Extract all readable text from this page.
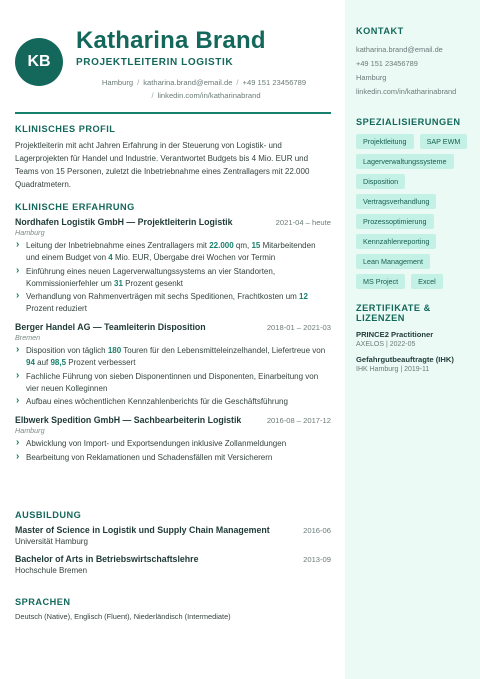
KB
Katharina Brand
PROJEKTLEITERIN LOGISTIK
Hamburg / katharina.brand@email.de / +49 151 23456789
/ linkedin.com/in/katharinabrand
KLINISCHES PROFIL

Projektleiterin mit acht Jahren Erfahrung in der Steuerung von Logistik- und Lagerprojekten für Handel und Industrie. Verantwortet Budgets bis 4 Mio. EUR und Teams von 15 Personen, zuletzt die Inbetriebnahme eines Zentrallagers mit 22.000 Quadratmetern.

KLINISCHE ERFAHRUNG
Nordhafen Logistik GmbH — Projektleiterin Logistik	2021-04 – heute
Hamburg
› Leitung der Inbetriebnahme eines Zentrallagers mit 22.000 qm, 15 Mitarbeitenden und einem Budget von 4 Mio. EUR, Übergabe drei Wochen vor Termin
› Einführung eines neuen Lagerverwaltungssystems an vier Standorten, Kommissionierfehler um 31 Prozent gesenkt
› Verhandlung von Rahmenverträgen mit sechs Speditionen, Frachtkosten um 12 Prozent reduziert
Berger Handel AG — Teamleiterin Disposition	2018-01 – 2021-03
Bremen
› Disposition von täglich 180 Touren für den Lebensmitteleinzelhandel, Liefertreue von 94 auf 98,5 Prozent verbessert
› Fachliche Führung von sieben Disponentinnen und Disponenten, Einarbeitung von vier neuen Kolleginnen
› Aufbau eines wöchentlichen Kennzahlenberichts für die Geschäftsführung
Elbwerk Spedition GmbH — Sachbearbeiterin Logistik	2016-08 – 2017-12
Hamburg
› Abwicklung von Import- und Exportsendungen inklusive Zollanmeldungen
› Bearbeitung von Reklamationen und Schadensfällen mit Versicherern
AUSBILDUNG
Master of Science in Logistik und Supply Chain Management	2016-06
Universität Hamburg
Bachelor of Arts in Betriebswirtschaftslehre	2013-09
Hochschule Bremen
SPRACHEN

Deutsch (Native), Englisch (Fluent), Niederländisch (Intermediate)

KONTAKT
katharina.brand@email.de
+49 151 23456789
Hamburg
linkedin.com/in/katharinabrand
SPEZIALISIERUNGEN
Projektleitung	SAP EWM
Lagerverwaltungssysteme
Disposition
Vertragsverhandlung
Prozessoptimierung
Kennzahlenreporting
Lean Management
MS Project	Excel
ZERTIFIKATE & LIZENZEN
PRINCE2 Practitioner
AXELOS | 2022-05
Gefahrgutbeauftragte (IHK)
IHK Hamburg | 2019-11
